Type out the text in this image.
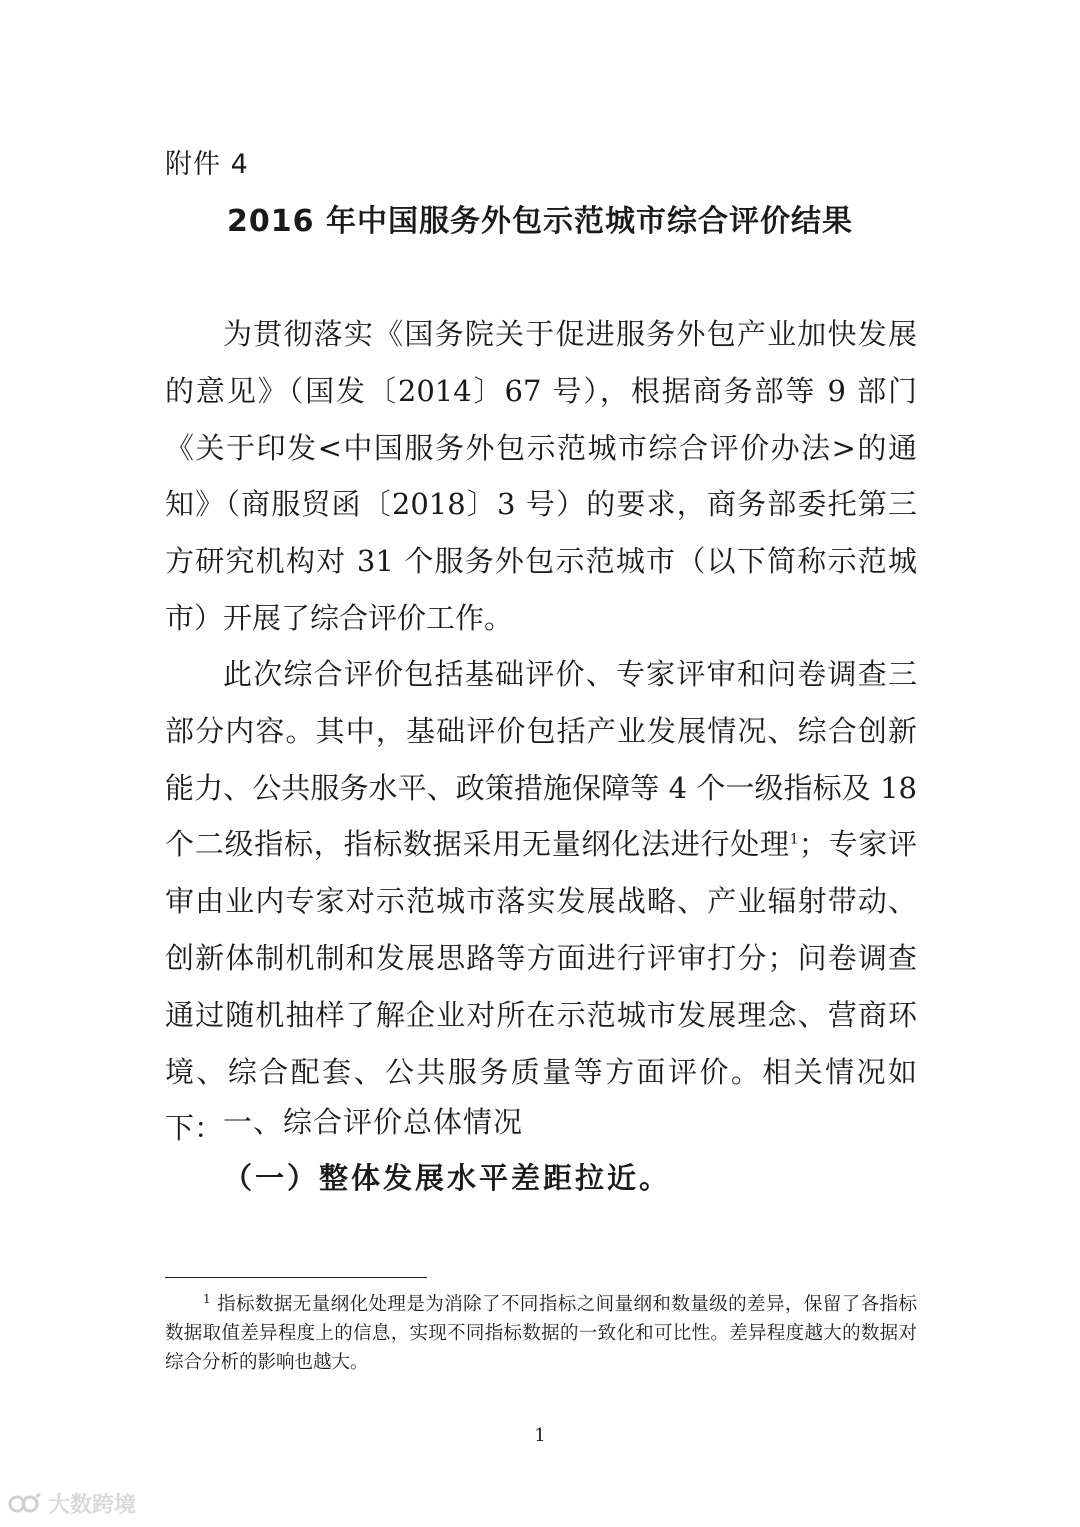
附件 4
2016 年中国服务外包示范城市综合评价结果

为贯彻落实《国务院关于促进服务外包产业加快发展的意见》（国发〔2014〕67 号），根据商务部等 9 部门《关于印发<中国服务外包示范城市综合评价办法>的通知》（商服贸函〔2018〕3 号）的要求，商务部委托第三方研究机构对 31 个服务外包示范城市（以下简称示范城市）开展了综合评价工作。

此次综合评价包括基础评价、专家评审和问卷调查三部分内容。其中，基础评价包括产业发展情况、综合创新能力、公共服务水平、政策措施保障等 4 个一级指标及 18 个二级指标，指标数据采用无量纲化法进行处理$^1$；专家评审由业内专家对示范城市落实发展战略、产业辐射带动、创新体制机制和发展思路等方面进行评审打分；问卷调查通过随机抽样了解企业对所在示范城市发展理念、营商环境、综合配套、公共服务质量等方面评价。相关情况如下： 一、综合评价总体情况
（一）整体发展水平差距拉近。

$^1$ 指标数据无量纲化处理是为消除了不同指标之间量纲和数量级的差异，保留了各指标数据取值差异程度上的信息，实现不同指标数据的一致化和可比性。差异程度越大的数据对综合分析的影响也越大。

1
大数跨境
